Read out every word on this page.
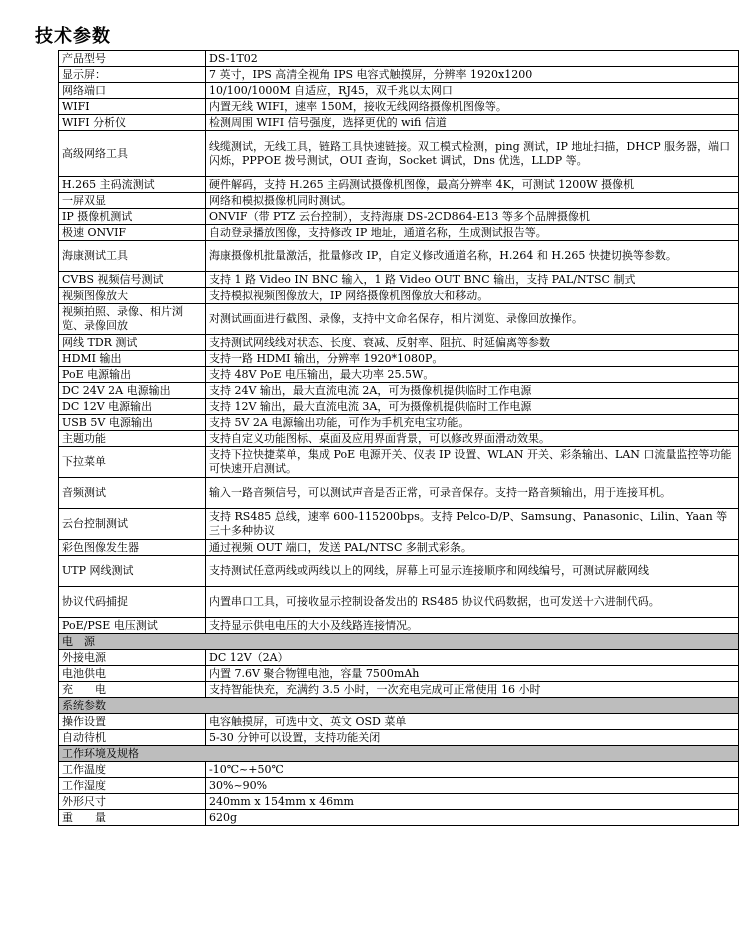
技术参数
产品型号	DS-1T02
显示屏：	7 英寸，IPS 高清全视角 IPS 电容式触摸屏，分辨率 1920x1200
网络端口	10/100/1000M 自适应，RJ45，双千兆以太网口
WIFI	内置无线 WIFI，速率 150M，接收无线网络摄像机图像等。
WIFI 分析仪	检测周围 WIFI 信号强度，选择更优的 wifi 信道
高级网络工具	线缆测试，无线工具，链路工具快速链接。双工模式检测，ping 测试，IP 地址扫描，DHCP 服务器，端口闪烁，PPPOE 拨号测试，OUI 查询，Socket 调试，Dns 优选，LLDP 等。
H.265 主码流测试	硬件解码，支持 H.265 主码测试摄像机图像，最高分辨率 4K，可测试 1200W 摄像机
一屏双显	网络和模拟摄像机同时测试。
IP 摄像机测试	ONVIF（带 PTZ 云台控制），支持海康 DS-2CD864-E13 等多个品牌摄像机
极速 ONVIF	自动登录播放图像，支持修改 IP 地址，通道名称，生成测试报告等。
海康测试工具	海康摄像机批量激活，批量修改 IP，自定义修改通道名称，H.264 和 H.265 快捷切换等参数。
CVBS 视频信号测试	支持 1 路 Video IN BNC 输入，1 路 Video OUT BNC 输出，支持 PAL/NTSC 制式
视频图像放大	支持模拟视频图像放大，IP 网络摄像机图像放大和移动。
视频拍照、录像、相片浏览、录像回放	对测试画面进行截图、录像，支持中文命名保存，相片浏览、录像回放操作。
网线 TDR 测试	支持测试网线线对状态、长度、衰减、反射率、阻抗、时延偏离等参数
HDMI 输出	支持一路 HDMI 输出，分辨率 1920*1080P。
PoE 电源输出	支持 48V PoE 电压输出，最大功率 25.5W。
DC 24V 2A 电源输出	支持 24V 输出，最大直流电流 2A，可为摄像机提供临时工作电源
DC 12V 电源输出	支持 12V 输出，最大直流电流 3A，可为摄像机提供临时工作电源
USB 5V 电源输出	支持 5V 2A 电源输出功能，可作为手机充电宝功能。
主题功能	支持自定义功能图标、桌面及应用界面背景，可以修改界面滑动效果。
下拉菜单	支持下拉快捷菜单，集成 PoE 电源开关、仪表 IP 设置、WLAN 开关、彩条输出、LAN 口流量监控等功能可快速开启测试。
音频测试	输入一路音频信号，可以测试声音是否正常，可录音保存。支持一路音频输出，用于连接耳机。
云台控制测试	支持 RS485 总线，速率 600-115200bps。支持 Pelco-D/P、Samsung、Panasonic、Lilin、Yaan 等三十多种协议
彩色图像发生器	通过视频 OUT 端口，发送 PAL/NTSC 多制式彩条。
UTP 网线测试	支持测试任意两线或两线以上的网线，屏幕上可显示连接顺序和网线编号，可测试屏蔽网线
协议代码捕捉	内置串口工具，可接收显示控制设备发出的 RS485 协议代码数据，也可发送十六进制代码。
PoE/PSE 电压测试	支持显示供电电压的大小及线路连接情况。
电　源	
外接电源	DC 12V（2A）
电池供电	内置 7.6V 聚合物锂电池，容量 7500mAh
充　　电	支持智能快充，充满约 3.5 小时，一次充电完成可正常使用 16 小时
系统参数	
操作设置	电容触摸屏，可选中文、英文 OSD 菜单
自动待机	5-30 分钟可以设置，支持功能关闭
工作环境及规格	
工作温度	-10℃~+50℃
工作湿度	30%~90%
外形尺寸	240mm x 154mm x 46mm
重　　量	620g
